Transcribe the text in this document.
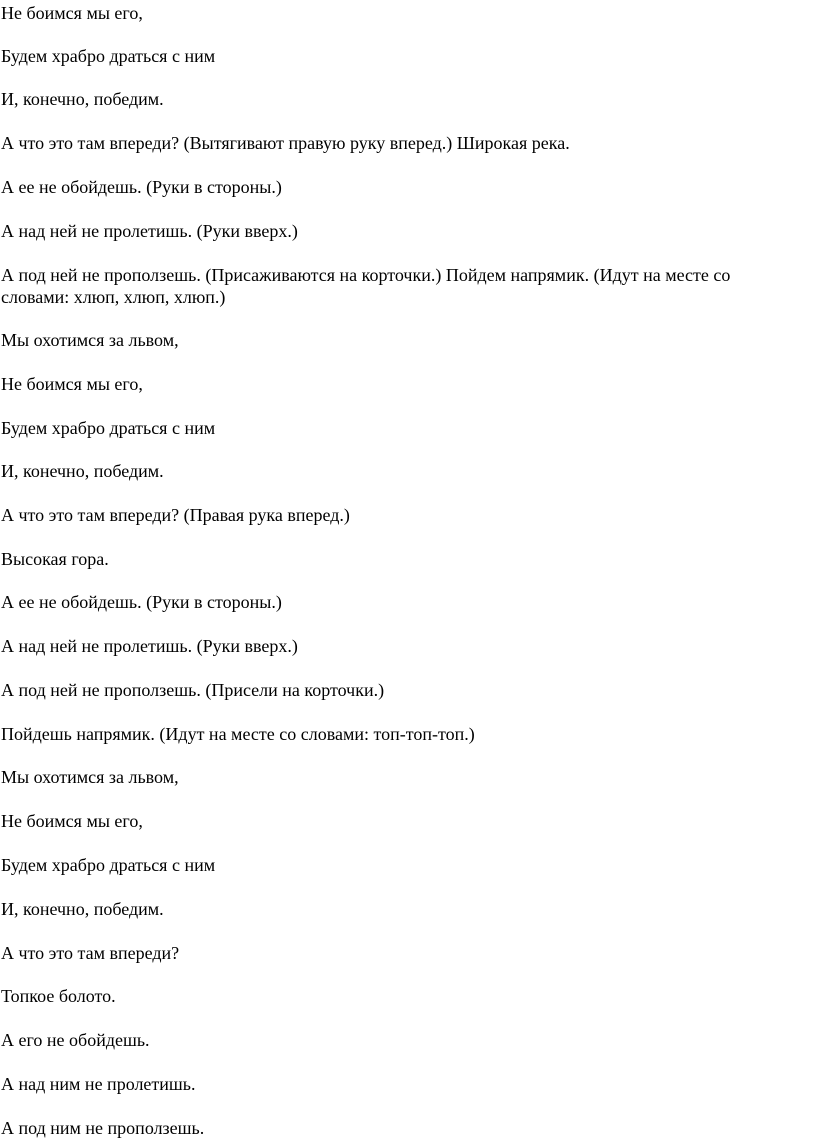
Не боимся мы его,

Будем храбро драться с ним

И, конечно, победим.

А что это там впереди? (Вытягивают правую руку вперед.) Широкая река.

А ее не обойдешь. (Руки в стороны.)

А над ней не пролетишь. (Руки вверх.)

А под ней не проползешь. (Присаживаются на корточки.) Пойдем напрямик. (Идут на месте со словами: хлюп, хлюп, хлюп.)

Мы охотимся за львом,

Не боимся мы его,

Будем храбро драться с ним

И, конечно, победим.

А что это там впереди? (Правая рука вперед.)

Высокая гора.

А ее не обойдешь. (Руки в стороны.)

А над ней не пролетишь. (Руки вверх.)

А под ней не проползешь. (Присели на корточки.)

Пойдешь напрямик. (Идут на месте со словами: топ-топ-топ.)

Мы охотимся за львом,

Не боимся мы его,

Будем храбро драться с ним

И, конечно, победим.

А что это там впереди?

Топкое болото.

А его не обойдешь.

А над ним не пролетишь.

А под ним не проползешь.
